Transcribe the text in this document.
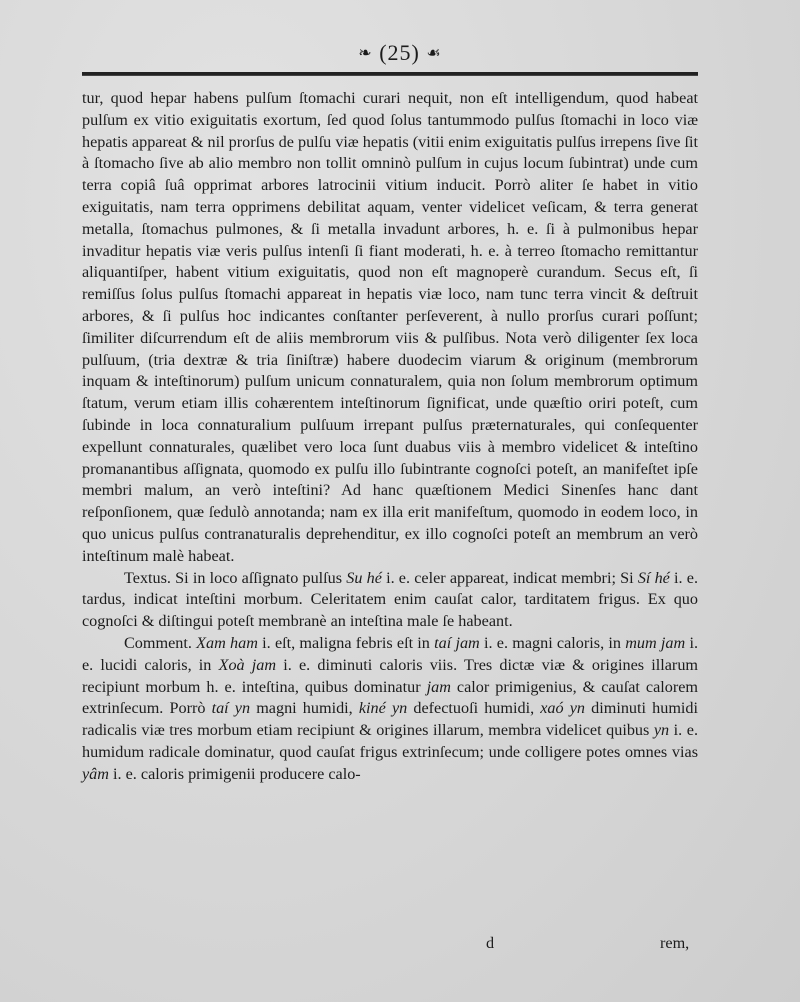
❧ (25) ☙

tur, quod hepar habens pulſum ſtomachi curari nequit, non eſt intelligendum, quod habeat pulſum ex vitio exiguitatis exortum, ſed quod ſolus tantummodo pulſus ſtomachi in loco viæ hepatis appareat & nil prorſus de pulſu viæ hepatis (vitii enim exiguitatis pulſus irrepens ſive ſit à ſtomacho ſive ab alio membro non tollit omninò pulſum in cujus locum ſubintrat) unde cum terra copiâ ſuâ opprimat arbores latrocinii vitium inducit. Porrò aliter ſe habet in vitio exiguitatis, nam terra opprimens debilitat aquam, venter videlicet veſicam, & terra generat metalla, ſtomachus pulmones, & ſi metalla invadunt arbores, h. e. ſi à pulmonibus hepar invaditur hepatis viæ veris pulſus intenſi ſi fiant moderati, h. e. à terreo ſtomacho remittantur aliquantiſper, habent vitium exiguitatis, quod non eſt magnoperè curandum. Secus eſt, ſi remiſſus ſolus pulſus ſtomachi appareat in hepatis viæ loco, nam tunc terra vincit & deſtruit arbores, & ſi pulſus hoc indicantes conſtanter perſeverent, à nullo prorſus curari poſſunt; ſimiliter diſcurrendum eſt de aliis membrorum viis & pulſibus. Nota verò diligenter ſex loca pulſuum, (tria dextræ & tria ſiniſtræ) habere duodecim viarum & originum (membrorum inquam & inteſtinorum) pulſum unicum connaturalem, quia non ſolum membrorum optimum ſtatum, verum etiam illis cohærentem inteſtinorum ſignificat, unde quæſtio oriri poteſt, cum ſubinde in loca connaturalium pulſuum irrepant pulſus præternaturales, qui conſequenter expellunt connaturales, quælibet vero loca ſunt duabus viis à membro videlicet & inteſtino promanantibus aſſignata, quomodo ex pulſu illo ſubintrante cognoſci poteſt, an manifeſtet ipſe membri malum, an verò inteſtini? Ad hanc quæſtionem Medici Sinenſes hanc dant reſponſionem, quæ ſedulò annotanda; nam ex illa erit manifeſtum, quomodo in eodem loco, in quo unicus pulſus contranaturalis deprehenditur, ex illo cognoſci poteſt an membrum an verò inteſtinum malè habeat.

Textus. Si in loco aſſignato pulſus Su hé i. e. celer appareat, indicat membri; Si Sí hé i. e. tardus, indicat inteſtini morbum. Celeritatem enim cauſat calor, tarditatem frigus. Ex quo cognoſci & diſtingui poteſt membranè an inteſtina male ſe habeant.

Comment. Xam ham i. eſt, maligna febris eſt in taí jam i. e. magni caloris, in mum jam i. e. lucidi caloris, in Xoà jam i. e. diminuti caloris viis. Tres dictæ viæ & origines illarum recipiunt morbum h. e. inteſtina, quibus dominatur jam calor primigenius, & cauſat calorem extrinſecum. Porrò taí yn magni humidi, kiné yn defectuoſi humidi, xaó yn diminuti humidi radicalis viæ tres morbum etiam recipiunt & origines illarum, membra videlicet quibus yn i. e. humidum radicale dominatur, quod cauſat frigus extrinſecum; unde colligere potes omnes vias yâm i. e. caloris primigenii producere calo-

d	rem,
